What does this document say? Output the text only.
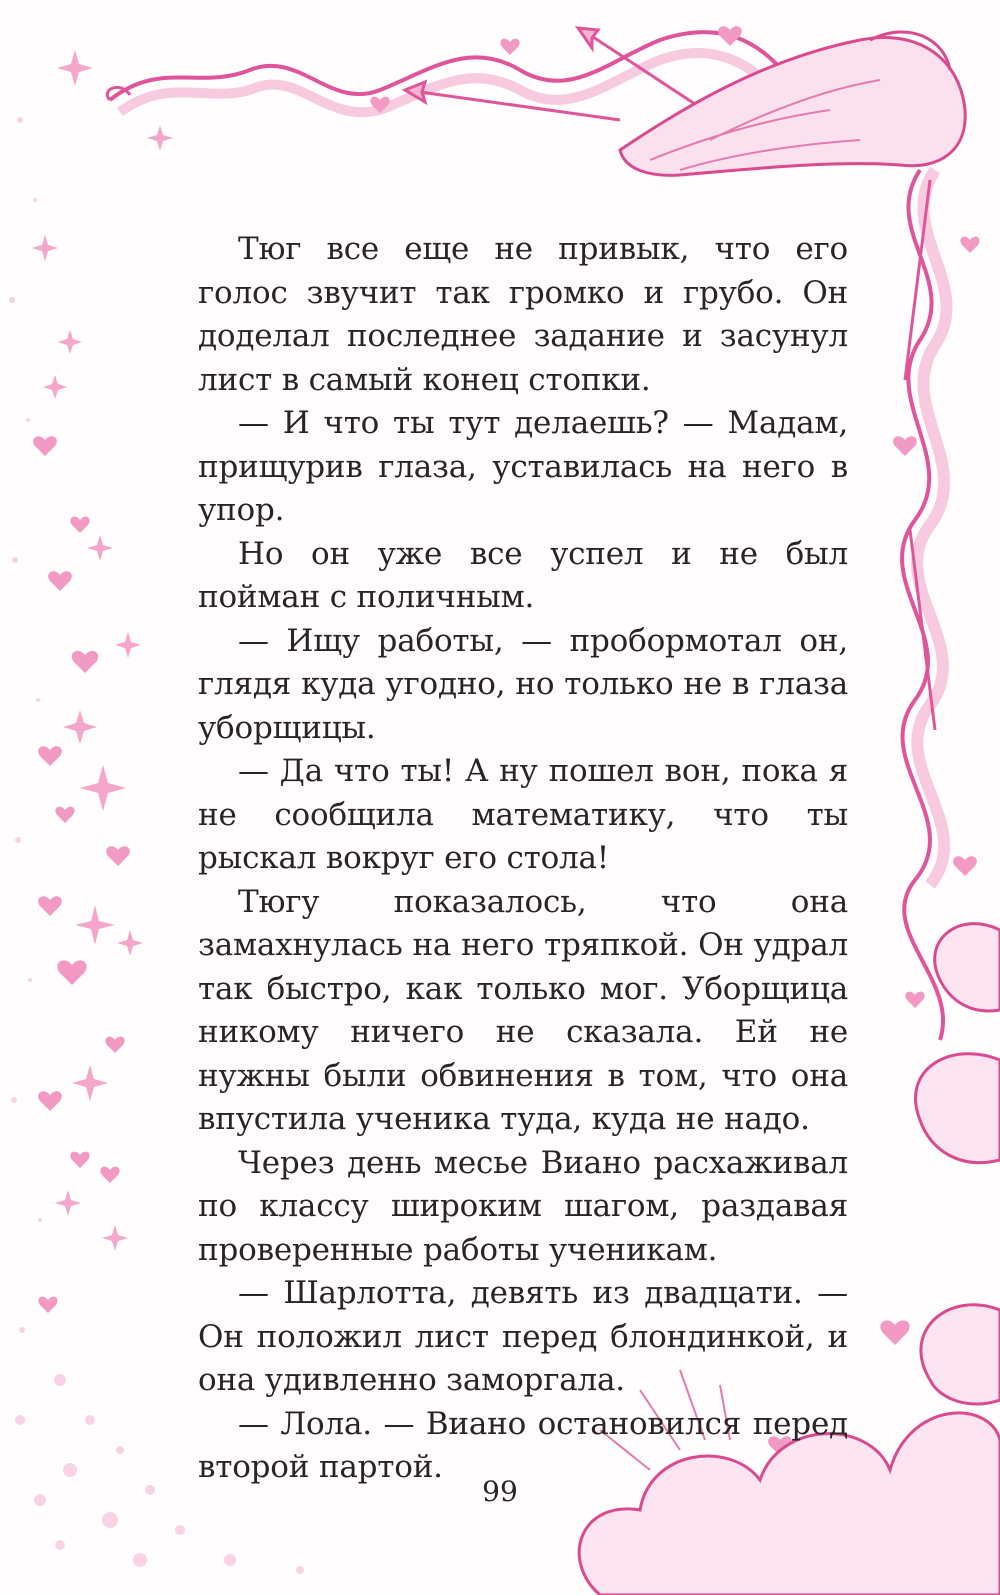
Тюг все еще не привык, что его голос звучит так громко и грубо. Он доделал последнее задание и засунул лист в самый конец стопки.

— И что ты тут делаешь? — Мадам, прищурив глаза, уставилась на него в упор.

Но он уже все успел и не был пойман с поличным.

— Ищу работы, — пробормотал он, глядя куда угодно, но только не в глаза уборщицы.

— Да что ты! А ну пошел вон, пока я не сообщила математику, что ты рыскал вокруг его стола!

Тюгу показалось, что она замахнулась на него тряпкой. Он удрал так быстро, как только мог. Уборщица никому ничего не сказала. Ей не нужны были обвинения в том, что она впустила ученика туда, куда не надо.

Через день месье Виано расхаживал по классу широким шагом, раздавая проверенные работы ученикам.

— Шарлотта, девять из двадцати. — Он положил лист перед блондинкой, и она удивленно заморгала.

— Лола. — Виано остановился перед второй партой.

99
